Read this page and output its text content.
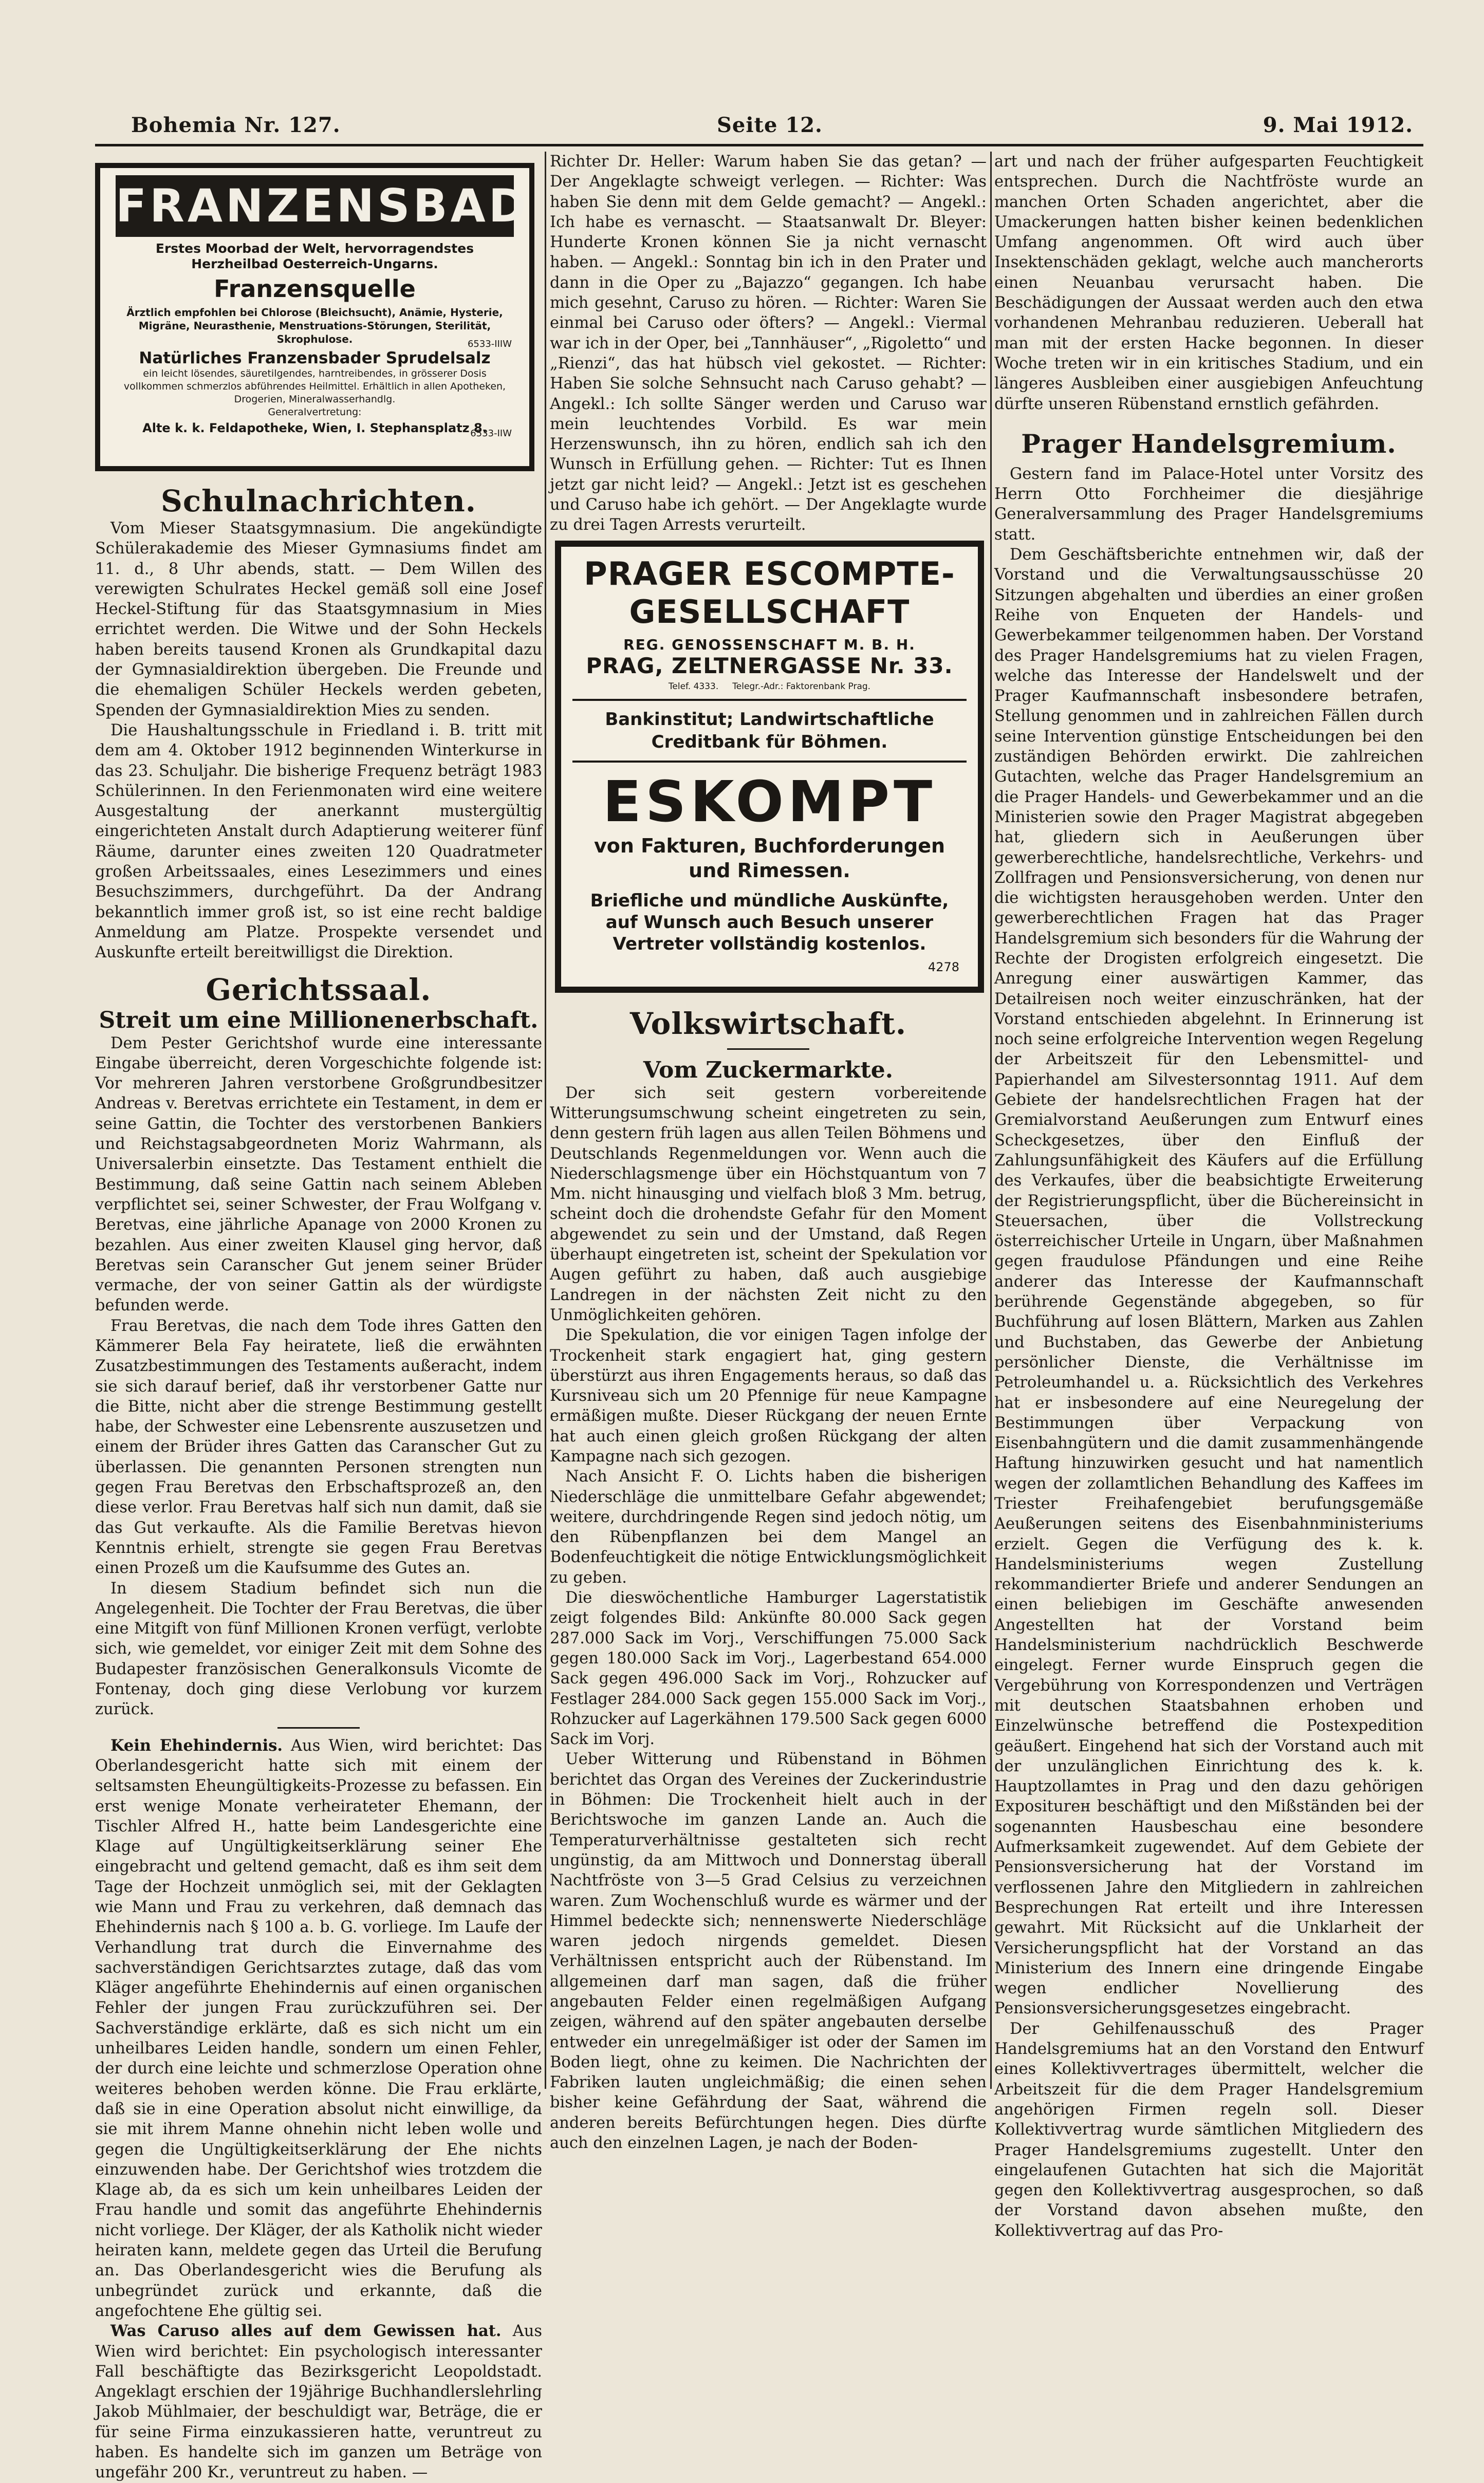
Bohemia Nr. 127.	Seite 12.	9. Mai 1912.
FRANZENSBAD
Erstes Moorbad der Welt, hervorragendstes Herzheilbad Oesterreich-Ungarns.
Franzensquelle
Ärztlich empfohlen bei Chlorose (Bleichsucht), Anämie, Hysterie, Migräne, Neurasthenie, Menstruations-Störungen, Sterilität, Skrophulose.	6533-IIIW
Natürliches Franzensbader Sprudelsalz
ein leicht lösendes, säuretilgendes, harntreibendes, in grösserer Dosis vollkommen schmerzlos abführendes Heilmittel. Erhältlich in allen Apotheken, Drogerien, Mineralwasserhandlg.
Generalvertretung:
6533-IIW
Alte k. k. Feldapotheke, Wien, I. Stephansplatz 8.
Schulnachrichten.

Vom Mieser Staatsgymnasium. Die angekündigte Schülerakademie des Mieser Gymnasiums findet am 11. d., 8 Uhr abends, statt. — Dem Willen des verewigten Schulrates Heckel gemäß soll eine Josef Heckel-Stiftung für das Staatsgymnasium in Mies errichtet werden. Die Witwe und der Sohn Heckels haben bereits tausend Kronen als Grundkapital dazu der Gymnasialdirektion übergeben. Die Freunde und die ehemaligen Schüler Heckels werden gebeten, Spenden der Gymnasialdirektion Mies zu senden.

Die Haushaltungsschule in Friedland i. B. tritt mit dem am 4. Oktober 1912 beginnenden Winterkurse in das 23. Schuljahr. Die bisherige Frequenz beträgt 1983 Schülerinnen. In den Ferienmonaten wird eine weitere Ausgestaltung der anerkannt mustergültig eingerichteten Anstalt durch Adaptierung weiterer fünf Räume, darunter eines zweiten 120 Quadratmeter großen Arbeitssaales, eines Lesezimmers und eines Besuchszimmers, durchgeführt. Da der Andrang bekanntlich immer groß ist, so ist eine recht baldige Anmeldung am Platze. Prospekte versendet und Auskunfte erteilt bereitwilligst die Direktion.

Gerichtssaal.
Streit um eine Millionenerbschaft.

Dem Pester Gerichtshof wurde eine interessante Eingabe überreicht, deren Vorgeschichte folgende ist: Vor mehreren Jahren verstorbene Großgrundbesitzer Andreas v. Beretvas errichtete ein Testament, in dem er seine Gattin, die Tochter des verstorbenen Bankiers und Reichstagsabgeordneten Moriz Wahrmann, als Universalerbin einsetzte. Das Testament enthielt die Bestimmung, daß seine Gattin nach seinem Ableben verpflichtet sei, seiner Schwester, der Frau Wolfgang v. Beretvas, eine jährliche Apanage von 2000 Kronen zu bezahlen. Aus einer zweiten Klausel ging hervor, daß Beretvas sein Caranscher Gut jenem seiner Brüder vermache, der von seiner Gattin als der würdigste befunden werde.

Frau Beretvas, die nach dem Tode ihres Gatten den Kämmerer Bela Fay heiratete, ließ die erwähnten Zusatzbestimmungen des Testaments außeracht, indem sie sich darauf berief, daß ihr verstorbener Gatte nur die Bitte, nicht aber die strenge Bestimmung gestellt habe, der Schwester eine Lebensrente auszusetzen und einem der Brüder ihres Gatten das Caranscher Gut zu überlassen. Die genannten Personen strengten nun gegen Frau Beretvas den Erbschaftsprozeß an, den diese verlor. Frau Beretvas half sich nun damit, daß sie das Gut verkaufte. Als die Familie Beretvas hievon Kenntnis erhielt, strengte sie gegen Frau Beretvas einen Prozeß um die Kaufsumme des Gutes an.

In diesem Stadium befindet sich nun die Angelegenheit. Die Tochter der Frau Beretvas, die über eine Mitgift von fünf Millionen Kronen verfügt, verlobte sich, wie gemeldet, vor einiger Zeit mit dem Sohne des Budapester französischen Generalkonsuls Vicomte de Fontenay, doch ging diese Verlobung vor kurzem zurück.

Kein Ehehindernis. Aus Wien, wird berichtet: Das Oberlandesgericht hatte sich mit einem der seltsamsten Eheungültigkeits-Prozesse zu befassen. Ein erst wenige Monate verheirateter Ehemann, der Tischler Alfred H., hatte beim Landesgerichte eine Klage auf Ungültigkeitserklärung seiner Ehe eingebracht und geltend gemacht, daß es ihm seit dem Tage der Hochzeit unmöglich sei, mit der Geklagten wie Mann und Frau zu verkehren, daß demnach das Ehehindernis nach § 100 a. b. G. vorliege. Im Laufe der Verhandlung trat durch die Einvernahme des sachverständigen Gerichtsarztes zutage, daß das vom Kläger angeführte Ehehindernis auf einen organischen Fehler der jungen Frau zurückzuführen sei. Der Sachverständige erklärte, daß es sich nicht um ein unheilbares Leiden handle, sondern um einen Fehler, der durch eine leichte und schmerzlose Operation ohne weiteres behoben werden könne. Die Frau erklärte, daß sie in eine Operation absolut nicht einwillige, da sie mit ihrem Manne ohnehin nicht leben wolle und gegen die Ungültigkeitserklärung der Ehe nichts einzuwenden habe. Der Gerichtshof wies trotzdem die Klage ab, da es sich um kein unheilbares Leiden der Frau handle und somit das angeführte Ehehindernis nicht vorliege. Der Kläger, der als Katholik nicht wieder heiraten kann, meldete gegen das Urteil die Berufung an. Das Oberlandesgericht wies die Berufung als unbegründet zurück und erkannte, daß die angefochtene Ehe gültig sei.

Was Caruso alles auf dem Gewissen hat. Aus Wien wird berichtet: Ein psychologisch interessanter Fall beschäftigte das Bezirksgericht Leopoldstadt. Angeklagt erschien der 19jährige Buchhandlerslehrling Jakob Mühlmaier, der beschuldigt war, Beträge, die er für seine Firma einzukassieren hatte, veruntreut zu haben. Es handelte sich im ganzen um Beträge von ungefähr 200 Kr., veruntreut zu haben. —

Richter Dr. Heller: Warum haben Sie das getan? — Der Angeklagte schweigt verlegen. — Richter: Was haben Sie denn mit dem Gelde gemacht? — Angekl.: Ich habe es vernascht. — Staatsanwalt Dr. Bleyer: Hunderte Kronen können Sie ja nicht vernascht haben. — Angekl.: Sonntag bin ich in den Prater und dann in die Oper zu „Bajazzo“ gegangen. Ich habe mich gesehnt, Caruso zu hören. — Richter: Waren Sie einmal bei Caruso oder öfters? — Angekl.: Viermal war ich in der Oper, bei „Tannhäuser“, „Rigoletto“ und „Rienzi“, das hat hübsch viel gekostet. — Richter: Haben Sie solche Sehnsucht nach Caruso gehabt? — Angekl.: Ich sollte Sänger werden und Caruso war mein leuchtendes Vorbild. Es war mein Herzenswunsch, ihn zu hören, endlich sah ich den Wunsch in Erfüllung gehen. — Richter: Tut es Ihnen jetzt gar nicht leid? — Angekl.: Jetzt ist es geschehen und Caruso habe ich gehört. — Der Angeklagte wurde zu drei Tagen Arrests verurteilt.

PRAGER ESCOMPTE-
GESELLSCHAFT
REG. GENOSSENSCHAFT M. B. H.
PRAG, ZELTNERGASSE Nr. 33.
Telef. 4333. Telegr.-Adr.: Faktorenbank Prag.
Bankinstitut; Landwirtschaftliche Creditbank für Böhmen.
ESKOMPT
von Fakturen, Buchforderungen und Rimessen.
Briefliche und mündliche Auskünfte, auf Wunsch auch Besuch unserer Vertreter vollständig kostenlos.
4278
Volkswirtschaft.
Vom Zuckermarkte.

Der sich seit gestern vorbereitende Witterungsumschwung scheint eingetreten zu sein, denn gestern früh lagen aus allen Teilen Böhmens und Deutschlands Regenmeldungen vor. Wenn auch die Niederschlagsmenge über ein Höchstquantum von 7 Mm. nicht hinausging und vielfach bloß 3 Mm. betrug, scheint doch die drohendste Gefahr für den Moment abgewendet zu sein und der Umstand, daß Regen überhaupt eingetreten ist, scheint der Spekulation vor Augen geführt zu haben, daß auch ausgiebige Landregen in der nächsten Zeit nicht zu den Unmöglichkeiten gehören.

Die Spekulation, die vor einigen Tagen infolge der Trockenheit stark engagiert hat, ging gestern überstürzt aus ihren Engagements heraus, so daß das Kursniveau sich um 20 Pfennige für neue Kampagne ermäßigen mußte. Dieser Rückgang der neuen Ernte hat auch einen gleich großen Rückgang der alten Kampagne nach sich gezogen.

Nach Ansicht F. O. Lichts haben die bisherigen Niederschläge die unmittelbare Gefahr abgewendet; weitere, durchdringende Regen sind jedoch nötig, um den Rübenpflanzen bei dem Mangel an Bodenfeuchtigkeit die nötige Entwicklungsmöglichkeit zu geben.

Die dieswöchentliche Hamburger Lagerstatistik zeigt folgendes Bild: Ankünfte 80.000 Sack gegen 287.000 Sack im Vorj., Verschiffungen 75.000 Sack gegen 180.000 Sack im Vorj., Lagerbestand 654.000 Sack gegen 496.000 Sack im Vorj., Rohzucker auf Festlager 284.000 Sack gegen 155.000 Sack im Vorj., Rohzucker auf Lagerkähnen 179.500 Sack gegen 6000 Sack im Vorj.

Ueber Witterung und Rübenstand in Böhmen berichtet das Organ des Vereines der Zuckerindustrie in Böhmen: Die Trockenheit hielt auch in der Berichtswoche im ganzen Lande an. Auch die Temperaturverhältnisse gestalteten sich recht ungünstig, da am Mittwoch und Donnerstag überall Nachtfröste von 3—5 Grad Celsius zu verzeichnen waren. Zum Wochenschluß wurde es wärmer und der Himmel bedeckte sich; nennenswerte Niederschläge waren jedoch nirgends gemeldet. Diesen Verhältnissen entspricht auch der Rübenstand. Im allgemeinen darf man sagen, daß die früher angebauten Felder einen regelmäßigen Aufgang zeigen, während auf den später angebauten derselbe entweder ein unregelmäßiger ist oder der Samen im Boden liegt, ohne zu keimen. Die Nachrichten der Fabriken lauten ungleichmäßig; die einen sehen bisher keine Gefährdung der Saat, während die anderen bereits Befürchtungen hegen. Dies dürfte auch den einzelnen Lagen, je nach der Boden-

art und nach der früher aufgesparten Feuchtigkeit entsprechen. Durch die Nachtfröste wurde an manchen Orten Schaden angerichtet, aber die Umackerungen hatten bisher keinen bedenklichen Umfang angenommen. Oft wird auch über Insektenschäden geklagt, welche auch mancherorts einen Neuanbau verursacht haben. Die Beschädigungen der Aussaat werden auch den etwa vorhandenen Mehranbau reduzieren. Ueberall hat man mit der ersten Hacke begonnen. In dieser Woche treten wir in ein kritisches Stadium, und ein längeres Ausbleiben einer ausgiebigen Anfeuchtung dürfte unseren Rübenstand ernstlich gefährden.

Prager Handelsgremium.

Gestern fand im Palace-Hotel unter Vorsitz des Herrn Otto Forchheimer die diesjährige Generalversammlung des Prager Handelsgremiums statt.

Dem Geschäftsberichte entnehmen wir, daß der Vorstand und die Verwaltungsausschüsse 20 Sitzungen abgehalten und überdies an einer großen Reihe von Enqueten der Handels- und Gewerbekammer teilgenommen haben. Der Vorstand des Prager Handelsgremiums hat zu vielen Fragen, welche das Interesse der Handelswelt und der Prager Kaufmannschaft insbesondere betrafen, Stellung genommen und in zahlreichen Fällen durch seine Intervention günstige Entscheidungen bei den zuständigen Behörden erwirkt. Die zahlreichen Gutachten, welche das Prager Handelsgremium an die Prager Handels- und Gewerbekammer und an die Ministerien sowie den Prager Magistrat abgegeben hat, gliedern sich in Aeußerungen über gewerberechtliche, handelsrechtliche, Verkehrs- und Zollfragen und Pensionsversicherung, von denen nur die wichtigsten herausgehoben werden. Unter den gewerberechtlichen Fragen hat das Prager Handelsgremium sich besonders für die Wahrung der Rechte der Drogisten erfolgreich eingesetzt. Die Anregung einer auswärtigen Kammer, das Detailreisen noch weiter einzuschränken, hat der Vorstand entschieden abgelehnt. In Erinnerung ist noch seine erfolgreiche Intervention wegen Regelung der Arbeitszeit für den Lebensmittel- und Papierhandel am Silvestersonntag 1911. Auf dem Gebiete der handelsrechtlichen Fragen hat der Gremialvorstand Aeußerungen zum Entwurf eines Scheckgesetzes, über den Einfluß der Zahlungsunfähigkeit des Käufers auf die Erfüllung des Verkaufes, über die beabsichtigte Erweiterung der Registrierungspflicht, über die Büchereinsicht in Steuersachen, über die Vollstreckung österreichischer Urteile in Ungarn, über Maßnahmen gegen fraudulose Pfändungen und eine Reihe anderer das Interesse der Kaufmannschaft berührende Gegenstände abgegeben, so für Buchführung auf losen Blättern, Marken aus Zahlen und Buchstaben, das Gewerbe der Anbietung persönlicher Dienste, die Verhältnisse im Petroleumhandel u. a. Rücksichtlich des Verkehres hat er insbesondere auf eine Neuregelung der Bestimmungen über Verpackung von Eisenbahngütern und die damit zusammenhängende Haftung hinzuwirken gesucht und hat namentlich wegen der zollamtlichen Behandlung des Kaffees im Triester Freihafengebiet berufungsgemäße Aeußerungen seitens des Eisenbahnministeriums erzielt. Gegen die Verfügung des k. k. Handelsministeriums wegen Zustellung rekommandierter Briefe und anderer Sendungen an einen beliebigen im Geschäfte anwesenden Angestellten hat der Vorstand beim Handelsministerium nachdrücklich Beschwerde eingelegt. Ferner wurde Einspruch gegen die Vergebührung von Korrespondenzen und Verträgen mit deutschen Staatsbahnen erhoben und Einzelwünsche betreffend die Postexpedition geäußert. Eingehend hat sich der Vorstand auch mit der unzulänglichen Einrichtung des k. k. Hauptzollamtes in Prag und den dazu gehörigen Expositurен beschäftigt und den Mißständen bei der sogenannten Hausbeschau eine besondere Aufmerksamkeit zugewendet. Auf dem Gebiete der Pensionsversicherung hat der Vorstand im verflossenen Jahre den Mitgliedern in zahlreichen Besprechungen Rat erteilt und ihre Interessen gewahrt. Mit Rücksicht auf die Unklarheit der Versicherungspflicht hat der Vorstand an das Ministerium des Innern eine dringende Eingabe wegen endlicher Novellierung des Pensionsversicherungsgesetzes eingebracht.

Der Gehilfenausschuß des Prager Handelsgremiums hat an den Vorstand den Entwurf eines Kollektivvertrages übermittelt, welcher die Arbeitszeit für die dem Prager Handelsgremium angehörigen Firmen regeln soll. Dieser Kollektivvertrag wurde sämtlichen Mitgliedern des Prager Handelsgremiums zugestellt. Unter den eingelaufenen Gutachten hat sich die Majorität gegen den Kollektivvertrag ausgesprochen, so daß der Vorstand davon absehen mußte, den Kollektivvertrag auf das Pro-
